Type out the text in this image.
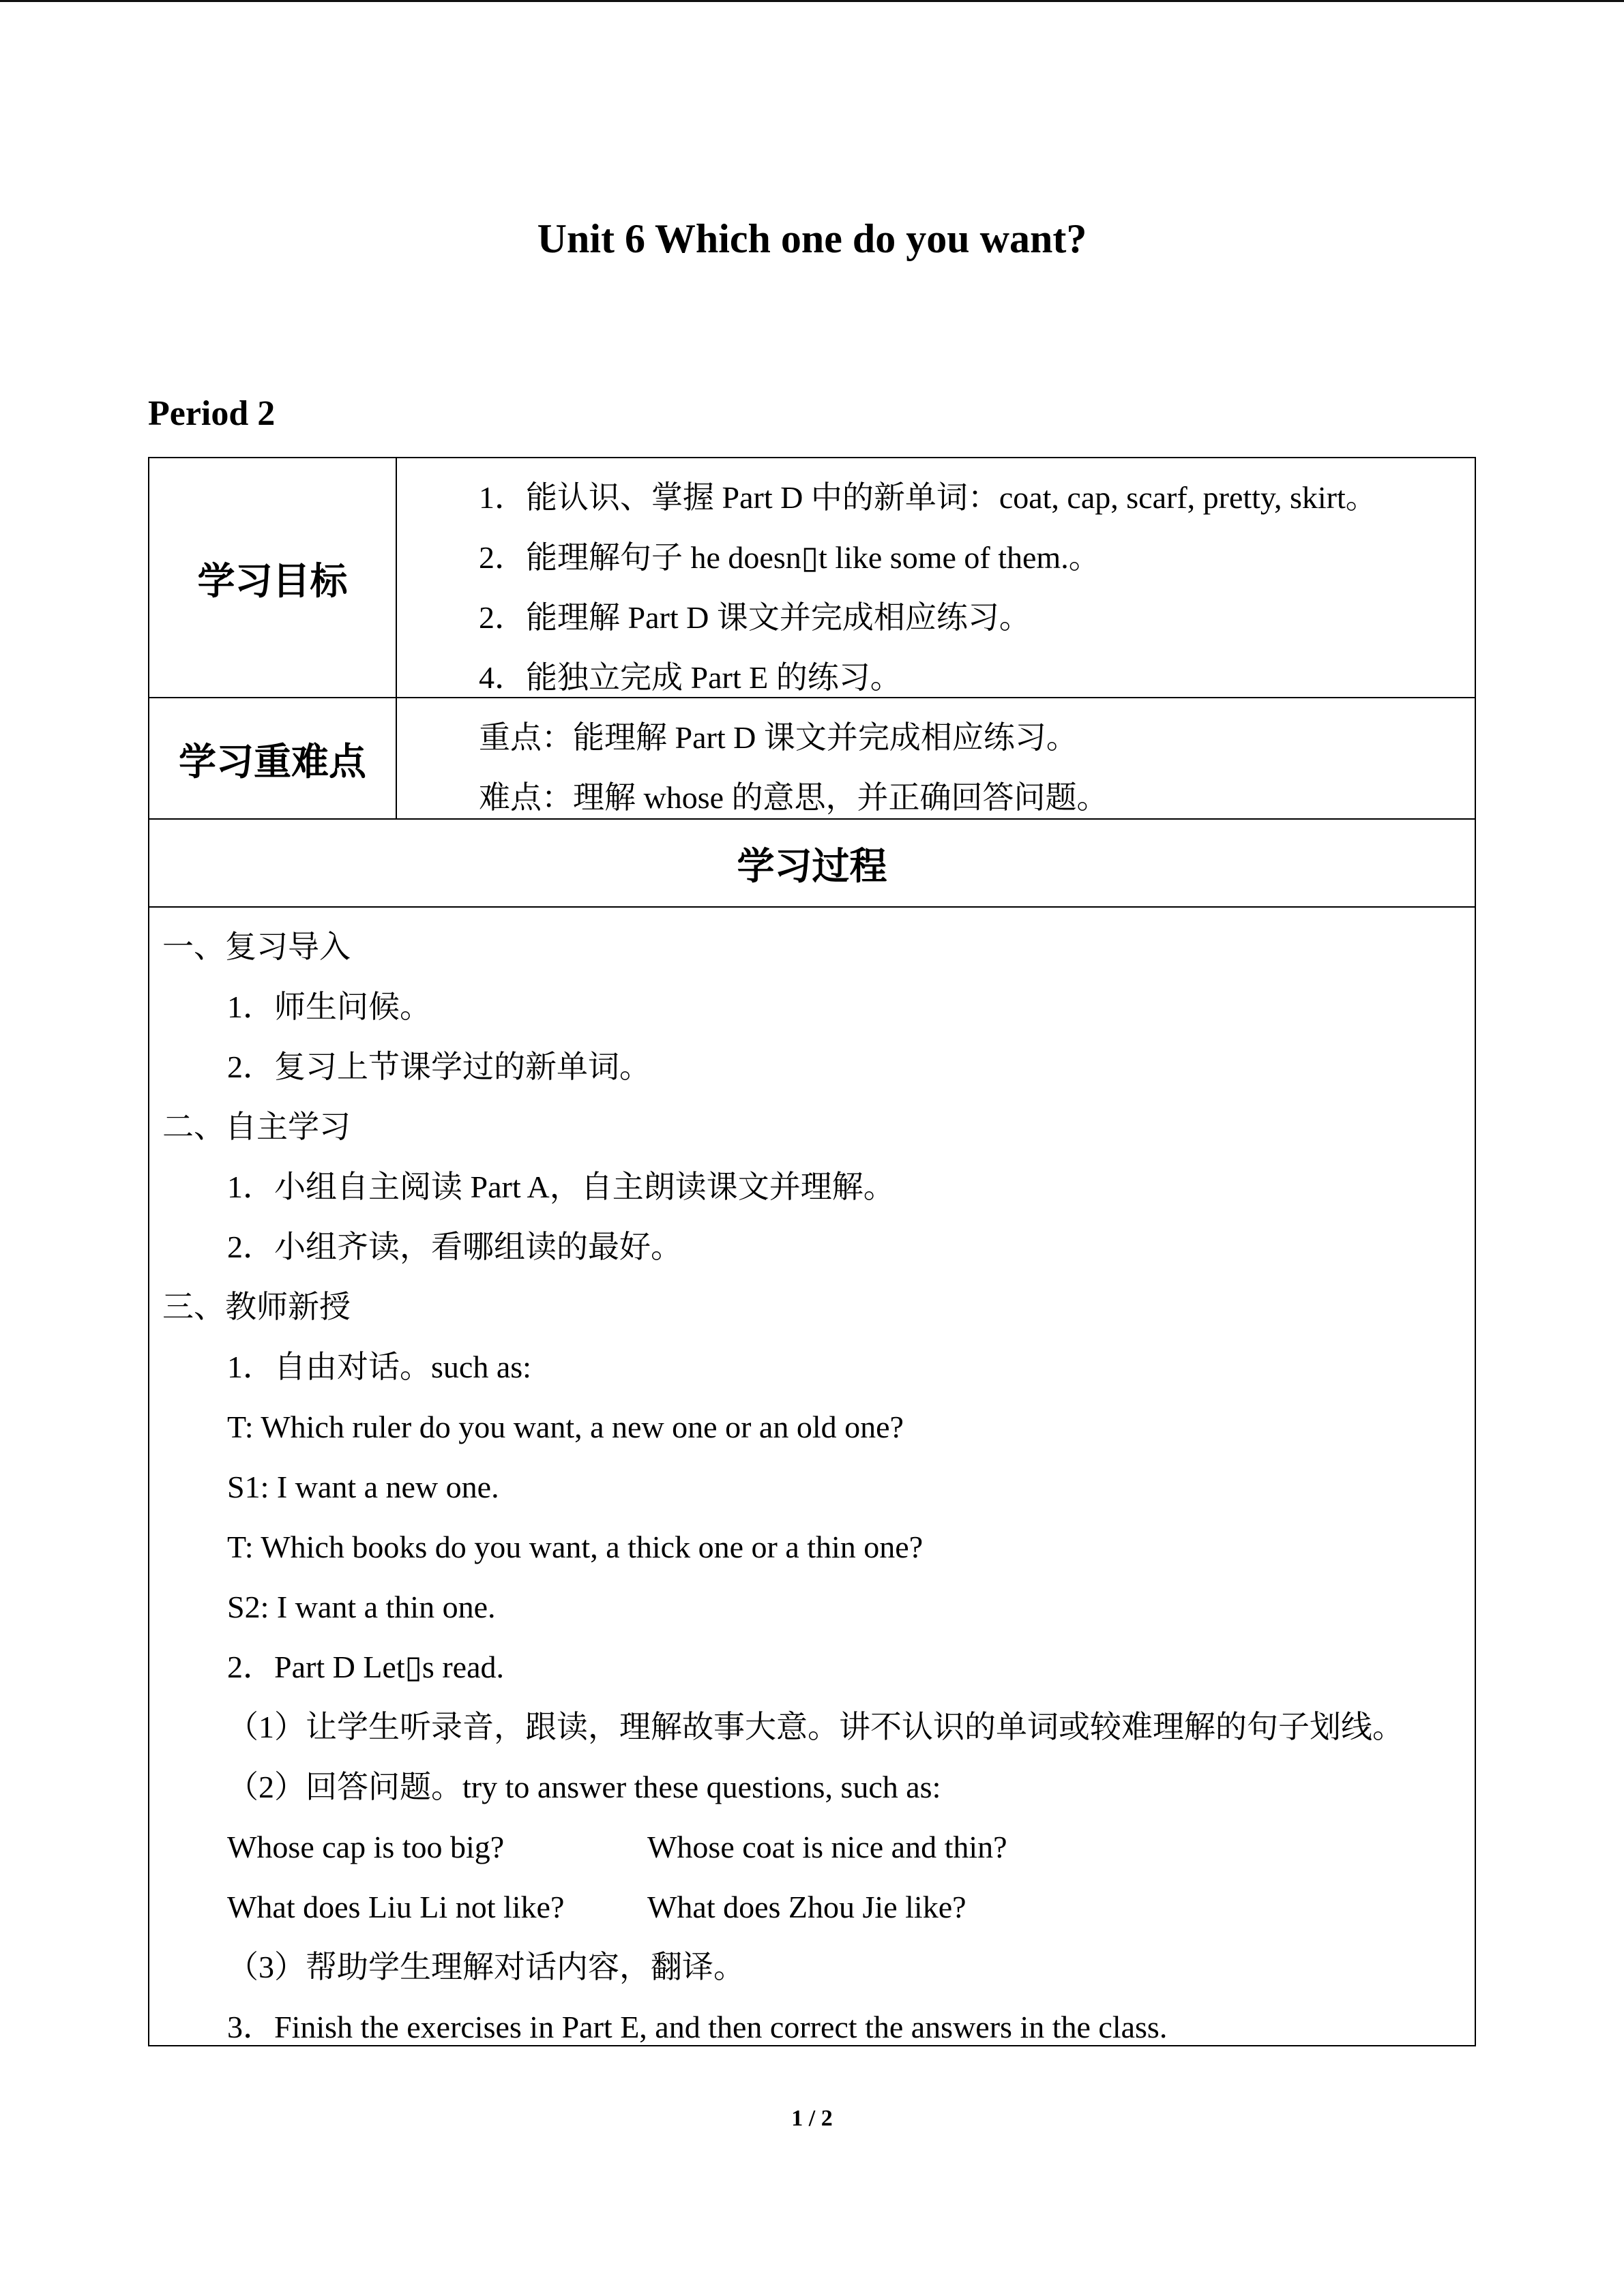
Unit 6 Which one do you want?
Period 2
学习目标
1．能认识、掌握 Part D 中的新单词：coat, cap, scarf, pretty, skirt。
2．能理解句子 he doesn▯t like some of them.。
2．能理解 Part D 课文并完成相应练习。
4．能独立完成 Part E 的练习。
学习重难点
重点：能理解 Part D 课文并完成相应练习。
难点：理解 whose 的意思，并正确回答问题。
学习过程
一、复习导入
1．师生问候。
2．复习上节课学过的新单词。
二、自主学习
1．小组自主阅读 Part A，自主朗读课文并理解。
2．小组齐读，看哪组读的最好。
三、教师新授
1．自由对话。such as:
T: Which ruler do you want, a new one or an old one?
S1: I want a new one.
T: Which books do you want, a thick one or a thin one?
S2: I want a thin one.
2．Part D Let▯s read.
（1）让学生听录音，跟读，理解故事大意。讲不认识的单词或较难理解的句子划线。
（2）回答问题。try to answer these questions, such as:
Whose cap is too big?	Whose coat is nice and thin?
What does Liu Li not like?	What does Zhou Jie like?
（3）帮助学生理解对话内容，翻译。
3．Finish the exercises in Part E, and then correct the answers in the class.
1 / 2
